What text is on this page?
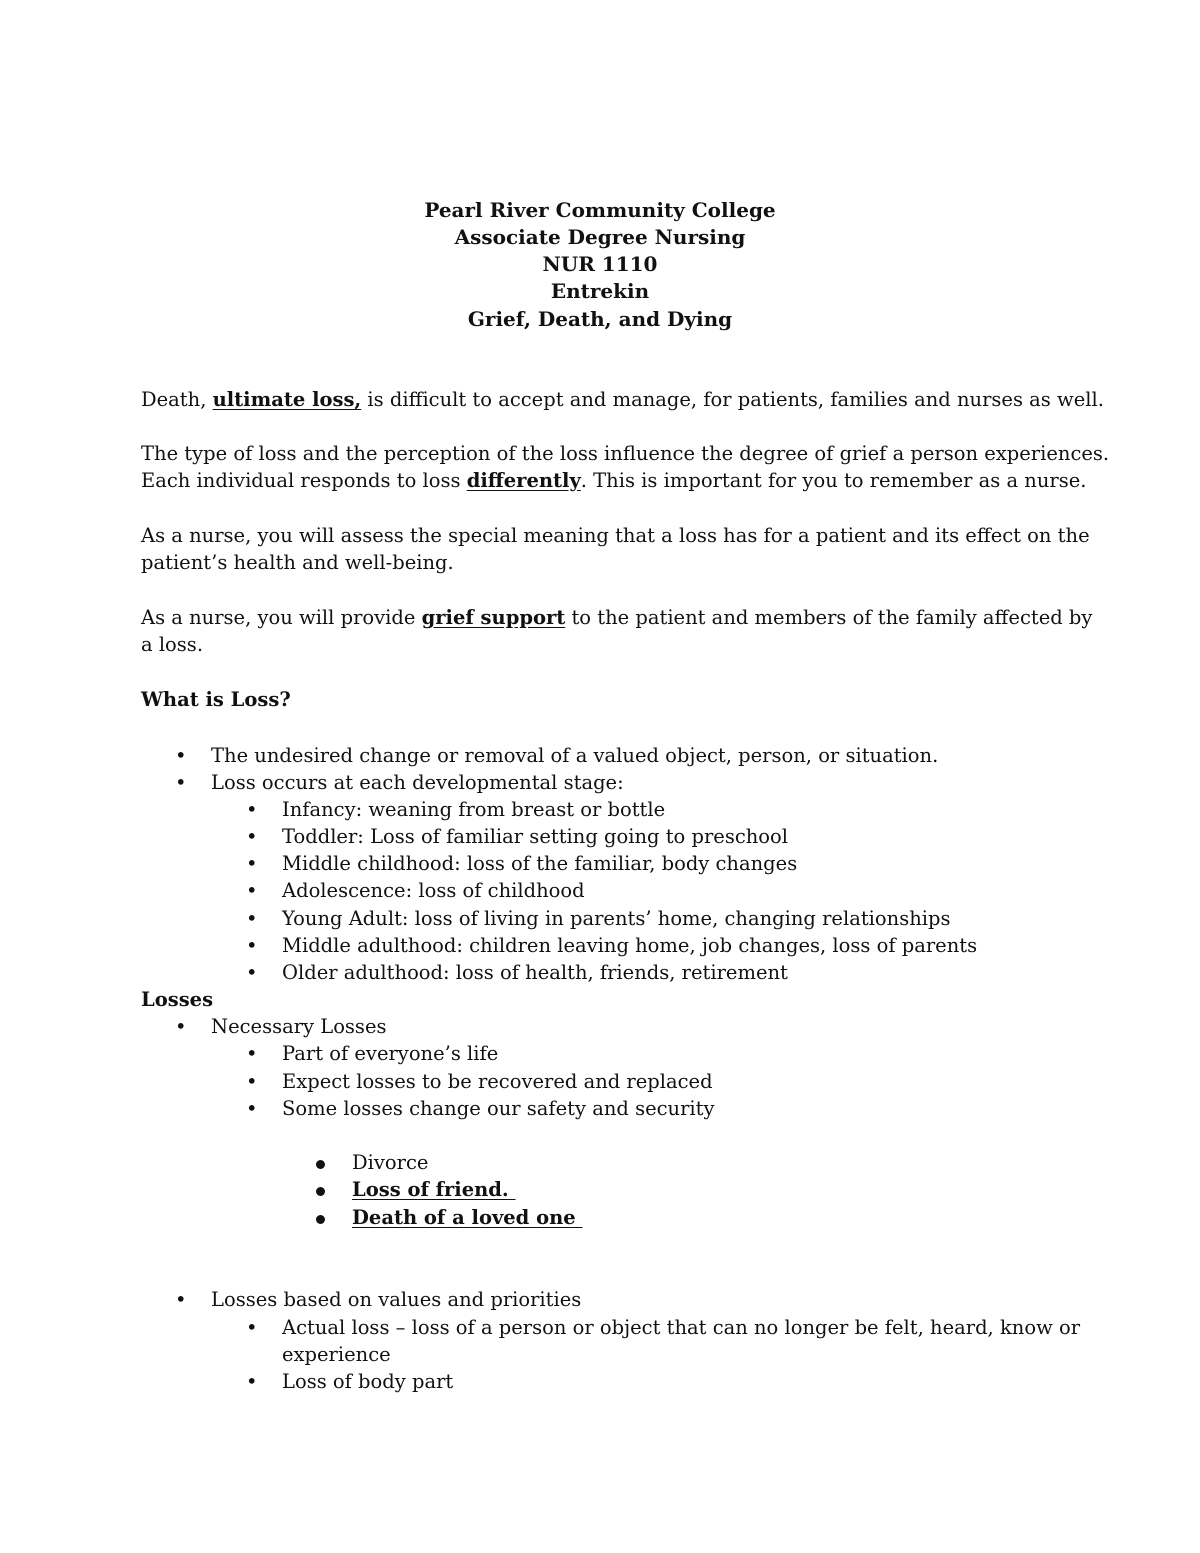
Pearl River Community College
Associate Degree Nursing
NUR 1110
Entrekin
Grief, Death, and Dying
Death, ultimate loss, is difficult to accept and manage, for patients, families and nurses as well.
The type of loss and the perception of the loss influence the degree of grief a person experiences.
Each individual responds to loss differently. This is important for you to remember as a nurse.
As a nurse, you will assess the special meaning that a loss has for a patient and its effect on the
patient’s health and well-being.
As a nurse, you will provide grief support to the patient and members of the family affected by
a loss.
What is Loss?
• The undesired change or removal of a valued object, person, or situation.
• Loss occurs at each developmental stage:
• Infancy: weaning from breast or bottle
• Toddler: Loss of familiar setting going to preschool
• Middle childhood: loss of the familiar, body changes
• Adolescence: loss of childhood
• Young Adult: loss of living in parents’ home, changing relationships
• Middle adulthood: children leaving home, job changes, loss of parents
• Older adulthood: loss of health, friends, retirement
Losses
• Necessary Losses
• Part of everyone’s life
• Expect losses to be recovered and replaced
• Some losses change our safety and security
Divorce
Loss of friend.
Death of a loved one
• Losses based on values and priorities
• Actual loss – loss of a person or object that can no longer be felt, heard, know or
experience
• Loss of body part
